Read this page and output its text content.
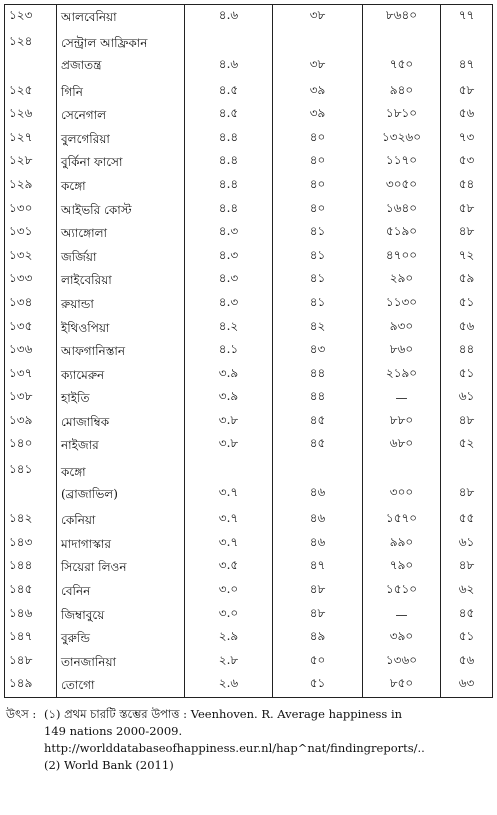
১২৩	আলবেনিয়া	৪.৬	৩৮	৮৬৪০	৭৭
১২৪	সেন্ট্রাল আফ্রিকান
প্রজাতন্ত্র	৪.৬	৩৮	৭৫০	৪৭
১২৫	গিনি	৪.৫	৩৯	৯৪০	৫৮
১২৬	সেনেগাল	৪.৫	৩৯	১৮১০	৫৬
১২৭	বুলগেরিয়া	৪.৪	৪০	১৩২৬০	৭৩
১২৮	বুর্কিনা ফাসো	৪.৪	৪০	১১৭০	৫৩
১২৯	কঙ্গো	৪.৪	৪০	৩০৫০	৫৪
১৩০	আইভরি কোস্ট	৪.৪	৪০	১৬৪০	৫৮
১৩১	অ্যাঙ্গোলা	৪.৩	৪১	৫১৯০	৪৮
১৩২	জর্জিয়া	৪.৩	৪১	৪৭০০	৭২
১৩৩	লাইবেরিয়া	৪.৩	৪১	২৯০	৫৯
১৩৪	রুয়ান্ডা	৪.৩	৪১	১১৩০	৫১
১৩৫	ইথিওপিয়া	৪.২	৪২	৯৩০	৫৬
১৩৬	আফগানিস্তান	৪.১	৪৩	৮৬০	৪৪
১৩৭	ক্যামেরুন	৩.৯	৪৪	২১৯০	৫১
১৩৮	হাইতি	৩.৯	৪৪	—	৬১
১৩৯	মোজাম্বিক	৩.৮	৪৫	৮৮০	৪৮
১৪০	নাইজার	৩.৮	৪৫	৬৮০	৫২
১৪১	কঙ্গো
(ব্রাজাভিল)	৩.৭	৪৬	৩০০	৪৮
১৪২	কেনিয়া	৩.৭	৪৬	১৫৭০	৫৫
১৪৩	মাদাগাস্কার	৩.৭	৪৬	৯৯০	৬১
১৪৪	সিয়েরা লিওন	৩.৫	৪৭	৭৯০	৪৮
১৪৫	বেনিন	৩.০	৪৮	১৫১০	৬২
১৪৬	জিম্বাবুয়ে	৩.০	৪৮	—	৪৫
১৪৭	বুরুন্ডি	২.৯	৪৯	৩৯০	৫১
১৪৮	তানজানিয়া	২.৮	৫০	১৩৬০	৫৬
১৪৯	তোগো	২.৬	৫১	৮৫০	৬৩
উৎস : (১) প্রথম চারটি স্তম্ভের উপাত্ত : Veenhoven. R. Average happiness in
149 nations 2000-2009.
http://worlddatabaseofhappiness.eur.nl/hap^nat/findingreports/..
(2) World Bank (2011)
